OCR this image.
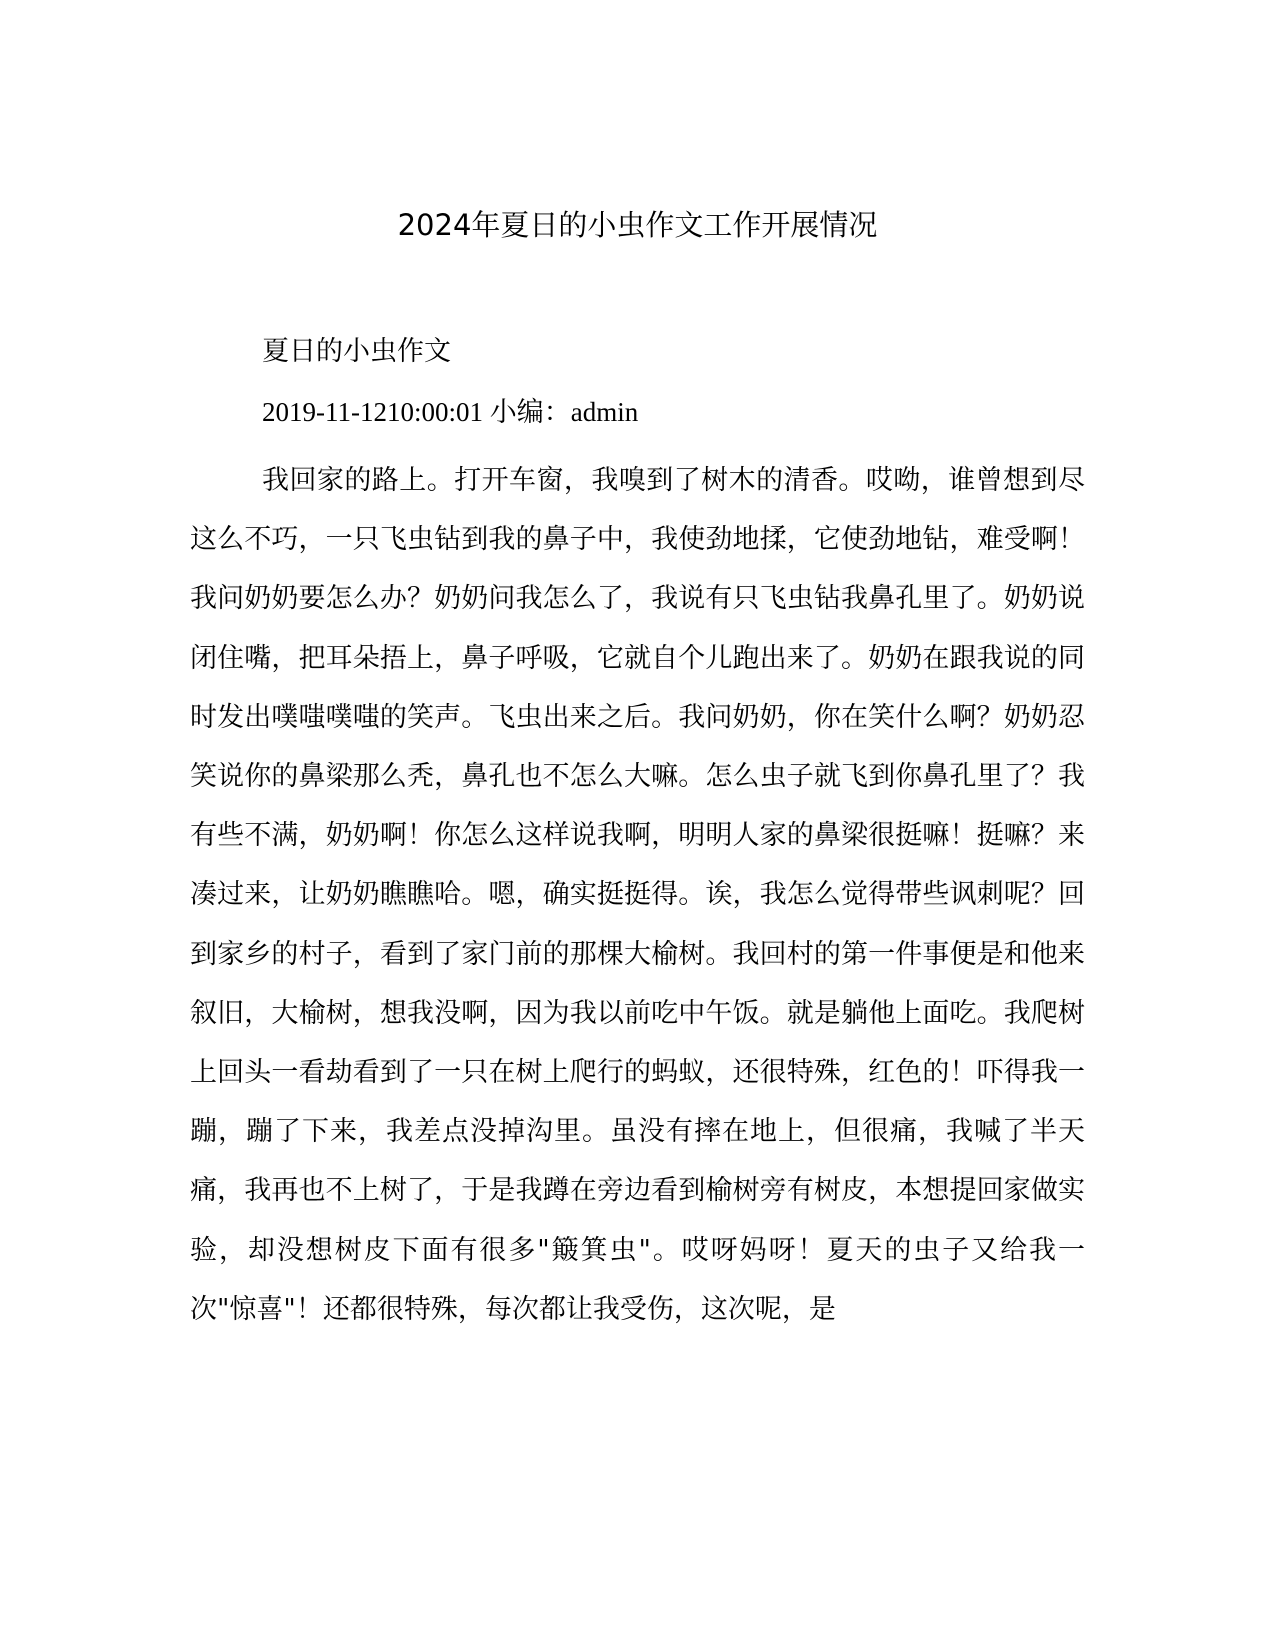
2024年夏日的小虫作文工作开展情况
夏日的小虫作文
2019-11-1210:00:01 小编：admin
我回家的路上。打开车窗，我嗅到了树木的清香。哎呦，谁曾想到尽这么不巧，一只飞虫钻到我的鼻子中，我使劲地揉，它使劲地钻，难受啊！我问奶奶要怎么办？奶奶问我怎么了，我说有只飞虫钻我鼻孔里了。奶奶说闭住嘴，把耳朵捂上，鼻子呼吸，它就自个儿跑出来了。奶奶在跟我说的同时发出噗嗤噗嗤的笑声。飞虫出来之后。我问奶奶，你在笑什么啊？奶奶忍笑说你的鼻梁那么秃，鼻孔也不怎么大嘛。怎么虫子就飞到你鼻孔里了？我有些不满，奶奶啊！你怎么这样说我啊，明明人家的鼻梁很挺嘛！挺嘛？来凑过来，让奶奶瞧瞧哈。嗯，确实挺挺得。诶，我怎么觉得带些讽刺呢？回到家乡的村子，看到了家门前的那棵大榆树。我回村的第一件事便是和他来叙旧，大榆树，想我没啊，因为我以前吃中午饭。就是躺他上面吃。我爬树上回头一看劫看到了一只在树上爬行的蚂蚁，还很特殊，红色的！吓得我一蹦，蹦了下来，我差点没掉沟里。虽没有摔在地上，但很痛，我喊了半天痛，我再也不上树了，于是我蹲在旁边看到榆树旁有树皮，本想提回家做实验，却没想树皮下面有很多"簸箕虫"。哎呀妈呀！夏天的虫子又给我一次"惊喜"！还都很特殊，每次都让我受伤，这次呢，是
